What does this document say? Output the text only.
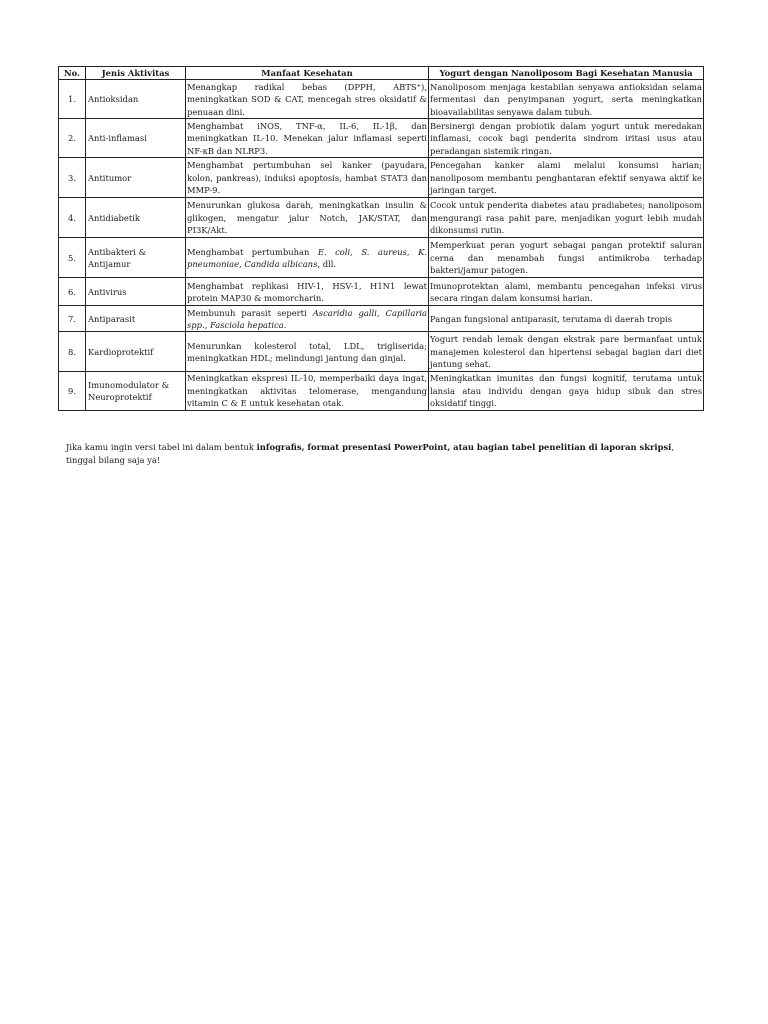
No.	Jenis Aktivitas	Manfaat Kesehatan	Yogurt dengan Nanoliposom Bagi Kesehatan Manusia
1.	Antioksidan	Menangkap radikal bebas (DPPH, ABTS⁺), meningkatkan SOD & CAT, mencegah stres oksidatif & penuaan dini.	Nanoliposom menjaga kestabilan senyawa antioksidan selama fermentasi dan penyimpanan yogurt, serta meningkatkan bioavailabilitas senyawa dalam tubuh.
2.	Anti-inflamasi	Menghambat iNOS, TNF-α, IL-6, IL-1β, dan meningkatkan IL-10. Menekan jalur inflamasi seperti NF-κB dan NLRP3.	Bersinergi dengan probiotik dalam yogurt untuk meredakan inflamasi, cocok bagi penderita sindrom iritasi usus atau peradangan sistemik ringan.
3.	Antitumor	Menghambat pertumbuhan sel kanker (payudara, kolon, pankreas), induksi apoptosis, hambat STAT3 dan MMP-9.	Pencegahan kanker alami melalui konsumsi harian; nanoliposom membantu penghantaran efektif senyawa aktif ke jaringan target.
4.	Antidiabetik	Menurunkan glukosa darah, meningkatkan insulin & glikogen, mengatur jalur Notch, JAK/STAT, dan PI3K/Akt.	Cocok untuk penderita diabetes atau pradiabetes; nanoliposom mengurangi rasa pahit pare, menjadikan yogurt lebih mudah dikonsumsi rutin.
5.	Antibakteri & Antijamur	Menghambat pertumbuhan E. coli, S. aureus, K. pneumoniae, Candida albicans, dll.	Memperkuat peran yogurt sebagai pangan protektif saluran cerna dan menambah fungsi antimikroba terhadap bakteri/jamur patogen.
6.	Antivirus	Menghambat replikasi HIV-1, HSV-1, H1N1 lewat protein MAP30 & momorcharin.	Imunoprotektan alami, membantu pencegahan infeksi virus secara ringan dalam konsumsi harian.
7.	Antiparasit	Membunuh parasit seperti Ascaridia galli, Capillaria spp., Fasciola hepatica.	Pangan fungsional antiparasit, terutama di daerah tropis
8.	Kardioprotektif	Menurunkan kolesterol total, LDL, trigliserida; meningkatkan HDL; melindungi jantung dan ginjal.	Yogurt rendah lemak dengan ekstrak pare bermanfaat untuk manajemen kolesterol dan hipertensi sebagai bagian dari diet jantung sehat.
9.	Imunomodulator & Neuroprotektif	Meningkatkan ekspresi IL-10, memperbaiki daya ingat, meningkatkan aktivitas telomerase, mengandung vitamin C & E untuk kesehatan otak.	Meningkatkan imunitas dan fungsi kognitif, terutama untuk lansia atau individu dengan gaya hidup sibuk dan stres oksidatif tinggi.

Jika kamu ingin versi tabel ini dalam bentuk infografis, format presentasi PowerPoint, atau bagian tabel penelitian di laporan skripsi, tinggal bilang saja ya!
